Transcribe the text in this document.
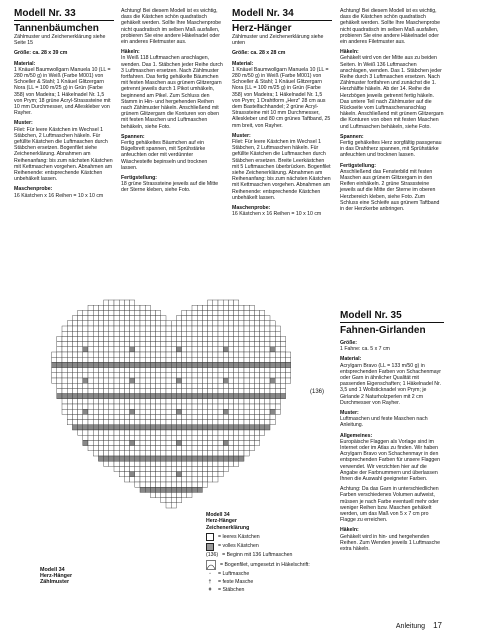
Modell Nr. 33
Tannenbäumchen
Zählmuster und Zeichenerklärung siehe Seite 15
Größe: ca. 28 x 39 cm
Material:
1 Knäuel Baumwollgarn Manuela 10 (LL = 280 m/50 g) in Weiß (Farbe M001) von Schoeller & Stahl; 1 Knäuel Glitzergarn Nora (LL = 100 m/25 g) in Grün (Farbe 358) von Madeira; 1 Häkelnadel Nr. 1,5 von Prym; 18 grüne Acryl-Strasssteine mit 10 mm Durchmesser, und Alleskleber von Rayher.
Muster:
Filet: Für leere Kästchen im Wechsel 1 Stäbchen, 2 Luftmaschen häkeln. Für gefüllte Kästchen die Luftmaschen durch Stäbchen ersetzen. Bogenfilet siehe Zeichenerklärung. Abnahmen am Reihenanfang: bis zum nächsten Kästchen mit Kettmaschen vorgehen. Abnahmen am Reihenende: entsprechende Kästchen unbehäkelt lassen.
Maschenprobe:
16 Kästchen x 16 Reihen = 10 x 10 cm
Achtung! Bei diesem Modell ist es wichtig, dass die Kästchen schön quadratisch gehäkelt werden. Sollte Ihre Maschenprobe nicht quadratisch im selben Maß ausfallen, probieren Sie eine andere Häkelnadel oder ein anderes Filetmuster aus.
Häkeln:
In Weiß 118 Luftmaschen anschlagen, wenden. Das 1. Stäbchen jeder Reihe durch 3 Luftmaschen ersetzen. Nach Zählmuster fortfahren. Das fertig gehäkelte Bäumchen mit festen Maschen aus grünem Glitzergarn getrennt jeweils durch 1 Pikot umhäkeln, beginnend am Pikel. Zum Schluss den Stamm in Hin- und hergehenden Reihen nach Zählmuster häkeln. Anschließend mit grünem Glitzergarn die Konturen von oben mit festen Maschen und Luftmaschen behäkeln, siehe Foto.
Spannen:
Fertig gehäkeltes Bäumchen auf ein Bügelbrett spannen, mit Sprühstärke anfeuchten oder mit verdünnter Wäschesteife bepinseln und trocknen lassen.
Fertigstellung:
18 grüne Strasssteine jeweils auf die Mitte der Sterne kleben, siehe Foto.
Modell Nr. 34
Herz-Hänger
Zählmuster und Zeichenerklärung siehe unten
Größe: ca. 28 x 28 cm
Material:
1 Knäuel Baumwollgarn Manuela 10 (LL = 280 m/50 g) in Weiß (Farbe M001) von Schoeller & Stahl; 1 Knäuel Glitzergarn Nora (LL = 100 m/25 g) in Grün (Farbe 358) von Madeira; 1 Häkelnadel Nr. 1,5 von Prym; 1 Drahtform „Herz" 28 cm aus dem Bastelfachhandel; 2 grüne Acryl-Strasssteine mit 10 mm Durchmesser, Alleskleber und 80 cm grünes Taftband, 25 mm breit, von Rayher.
Muster:
Filet: Für leere Kästchen im Wechsel 1 Stäbchen, 2 Luftmaschen häkeln. Für gefüllte Kästchen die Luftmaschen durch Stäbchen ersetzen. Breite Leerkästchen mit 5 Luftmaschen überbrücken. Bogenfilet siehe Zeichenerklärung. Abnahmen am Reihenanfang: bis zum nächsten Kästchen mit Kettmaschen vorgehen. Abnahmen am Reihenende: entsprechende Kästchen unbehäkelt lassen.
Maschenprobe:
16 Kästchen x 16 Reihen = 10 x 10 cm
Achtung! Bei diesem Modell ist es wichtig, dass die Kästchen schön quadratisch gehäkelt werden. Sollte Ihre Maschenprobe nicht quadratisch im selben Maß ausfallen, probieren Sie eine andere Häkelnadel oder ein anderes Filetmuster aus.
Häkeln:
Gehäkelt wird von der Mitte aus zu beiden Seiten. In Weiß 136 Luftmaschen anschlagen, wenden. Das 1. Stäbchen jeder Reihe durch 3 Luftmaschen ersetzen. Nach Zählmuster fortfahren und zunächst die 1. Herzhälfte häkeln. Ab der 14. Reihe die Herzbögen jeweils getrennt fertig häkeln. Das untere Teil nach Zählmuster auf die Rückseite vom Luftmaschenanschlag häkeln. Anschließend mit grünem Glitzergarn die Konturen von oben mit festen Maschen und Luftmaschen behäkeln, siehe Foto.
Spannen:
Fertig gehäkeltes Herz sorgfältig passgenau in das Drahtherz spannen, mit Sprühstärke anfeuchten und trocknen lassen.
Fertigstellung:
Anschließend das Fensterbild mit festen Maschen aus grünem Glitzergarn in den Reifen einhäkeln. 2 grüne Strasssteine jeweils auf die Mitte der Sterne im oberen Herzbereich kleben, siehe Foto. Zum Schluss eine Schleife aus grünem Taftband in der Herzkerbe anbringen.
Modell Nr. 35
Fahnen-Girlanden
Größe:
1 Fahne: ca. 5 x 7 cm
Material:
Acrylgarn Bravo (LL = 133 m/50 g) in entsprechenden Farben von Schachenmayr oder Garn in ähnlicher Qualität mit passenden Eigenschaften; 1 Häkelnadel Nr. 3,5 und 1 Wollsticknadel von Prym; je Girlande 2 Naturholzperlen mit 2 cm Durchmesser von Rayher.
Muster:
Luftmaschen und feste Maschen nach Anleitung.
Allgemeines:
Europäische Flaggen als Vorlage sind im Internet oder im Atlas zu finden. Wir haben Acrylgarn Bravo von Schachenmayr in den entsprechenden Farben für unsere Flaggen verwendet. Wir verzichten hier auf die Angabe der Farbnummern und überlassen Ihnen die Auswahl geeigneter Farben.
Achtung: Da das Garn in unterschiedlichen Farben verschiedenes Volumen aufweist, müssen je nach Farbe eventuell mehr oder weniger Reihen bzw. Maschen gehäkelt werden, um das Maß von 5 x 7 cm pro Flagge zu erreichen.
Häkeln:
Gehäkelt wird in hin- und hergehenden Reihen. Zum Wenden jeweils 1 Luftmasche extra häkeln.
(136)
Modell 34
Herz-Hänger
Zählmuster
Modell 34
Herz-Hänger
Zeichenerklärung
= leeres Kästchen
= volles Kästchen
(136) = Beginn mit 136 Luftmaschen
= Bogenfilet, umgesetzt in Häkelschrift:
◦	= Luftmasche
†	= feste Masche
ǂ	= Stäbchen
Anleitung 17
